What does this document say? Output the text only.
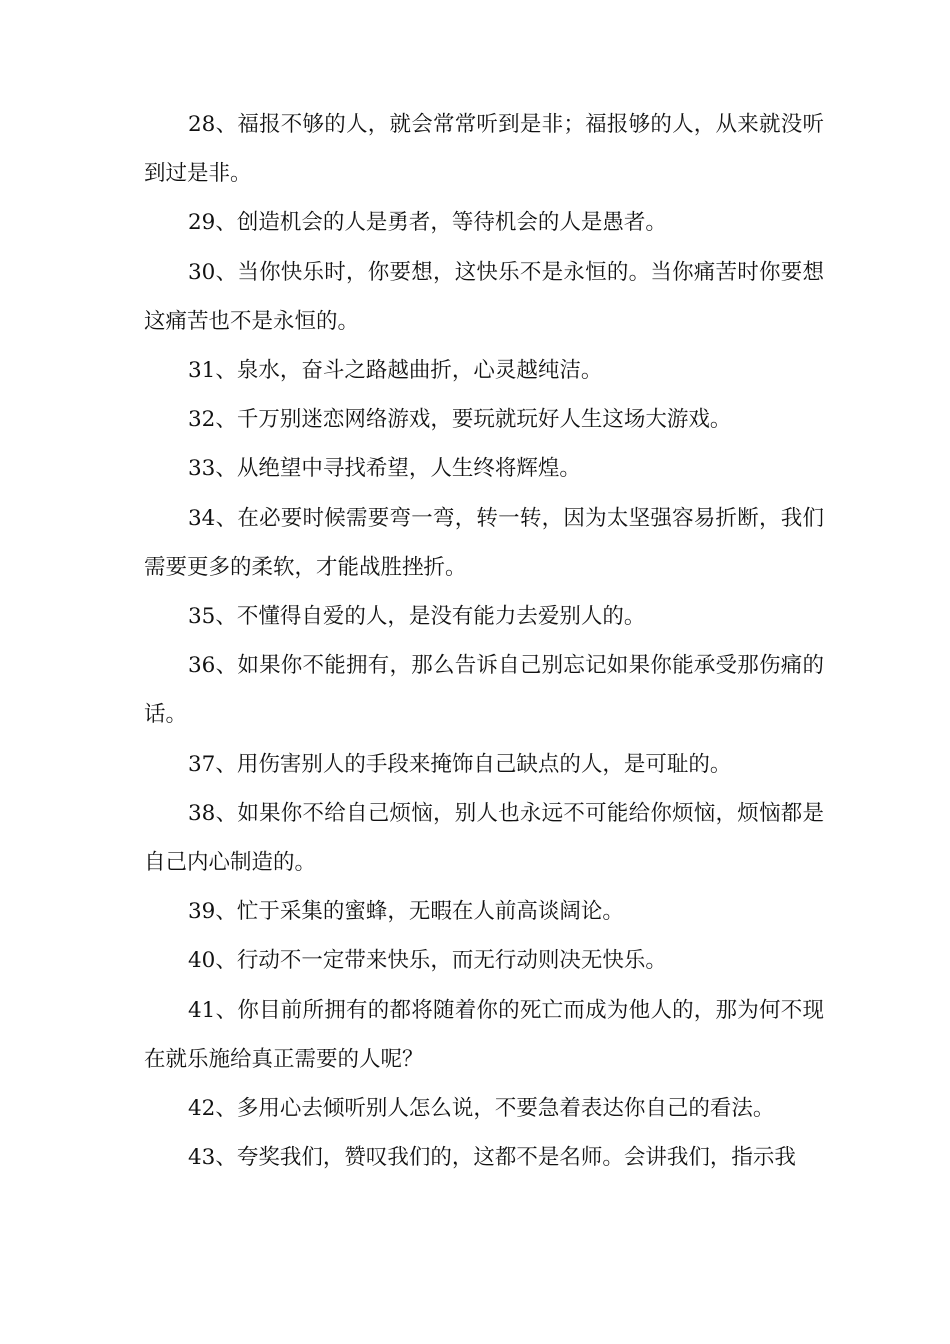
28、福报不够的人，就会常常听到是非；福报够的人，从来就没听到过是非。

29、创造机会的人是勇者，等待机会的人是愚者。

30、当你快乐时，你要想，这快乐不是永恒的。当你痛苦时你要想这痛苦也不是永恒的。

31、泉水，奋斗之路越曲折，心灵越纯洁。

32、千万别迷恋网络游戏，要玩就玩好人生这场大游戏。

33、从绝望中寻找希望，人生终将辉煌。

34、在必要时候需要弯一弯，转一转，因为太坚强容易折断，我们需要更多的柔软，才能战胜挫折。

35、不懂得自爱的人，是没有能力去爱别人的。

36、如果你不能拥有，那么告诉自己别忘记如果你能承受那伤痛的话。

37、用伤害别人的手段来掩饰自己缺点的人，是可耻的。

38、如果你不给自己烦恼，别人也永远不可能给你烦恼，烦恼都是自己内心制造的。

39、忙于采集的蜜蜂，无暇在人前高谈阔论。

40、行动不一定带来快乐，而无行动则决无快乐。

41、你目前所拥有的都将随着你的死亡而成为他人的，那为何不现在就乐施给真正需要的人呢？

42、多用心去倾听别人怎么说，不要急着表达你自己的看法。

43、夸奖我们，赞叹我们的，这都不是名师。会讲我们，指示我
